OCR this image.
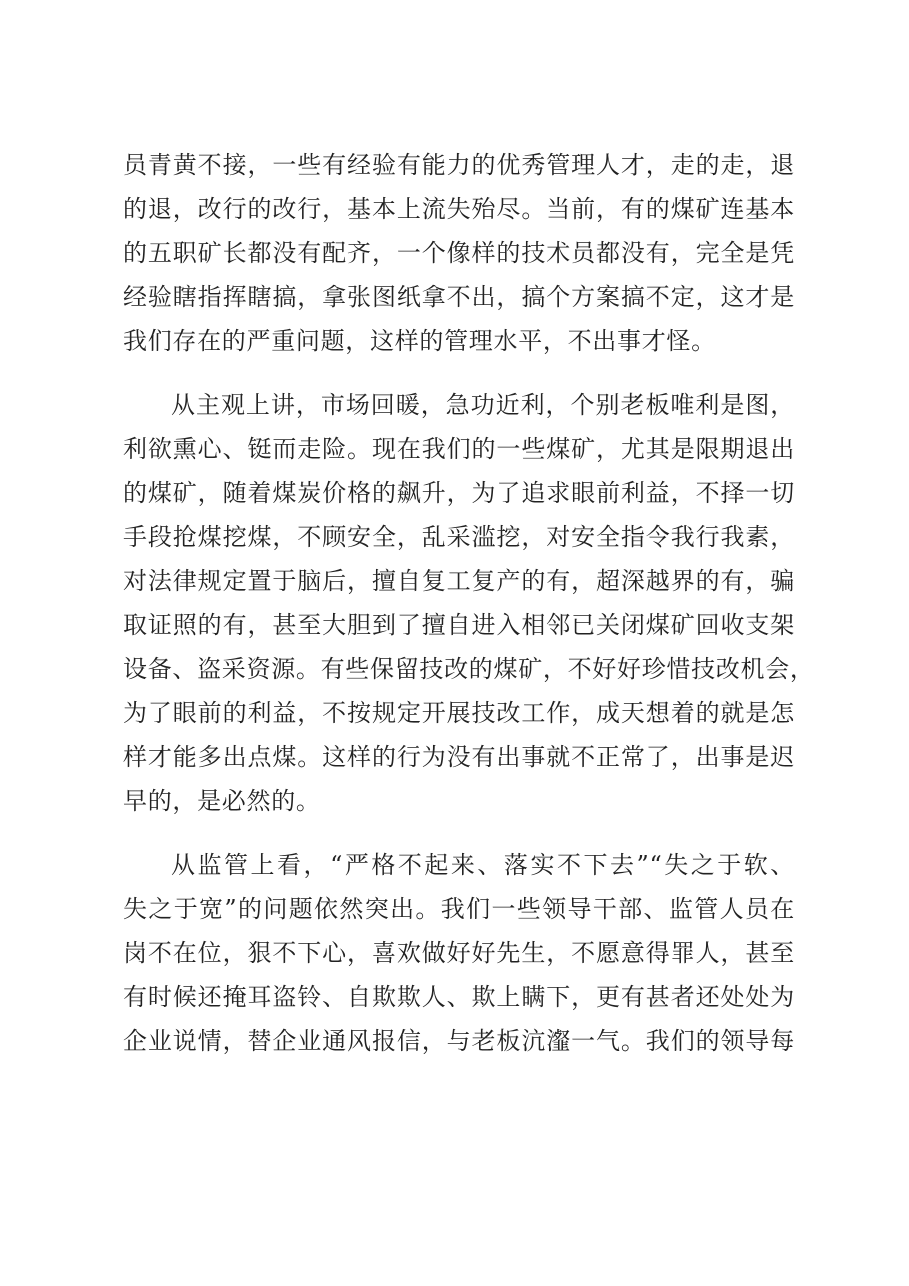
员青黄不接，一些有经验有能力的优秀管理人才，走的走，退
的退，改行的改行，基本上流失殆尽。当前，有的煤矿连基本
的五职矿长都没有配齐，一个像样的技术员都没有，完全是凭
经验瞎指挥瞎搞，拿张图纸拿不出，搞个方案搞不定，这才是
我们存在的严重问题，这样的管理水平，不出事才怪。

从主观上讲，市场回暖，急功近利，个别老板唯利是图，
利欲熏心、铤而走险。现在我们的一些煤矿，尤其是限期退出
的煤矿，随着煤炭价格的飙升，为了追求眼前利益，不择一切
手段抢煤挖煤，不顾安全，乱采滥挖，对安全指令我行我素，
对法律规定置于脑后，擅自复工复产的有，超深越界的有，骗
取证照的有，甚至大胆到了擅自进入相邻已关闭煤矿回收支架
设备、盗采资源。有些保留技改的煤矿，不好好珍惜技改机会，
为了眼前的利益，不按规定开展技改工作，成天想着的就是怎
样才能多出点煤。这样的行为没有出事就不正常了，出事是迟
早的，是必然的。

从监管上看，“严格不起来、落实不下去”“失之于软、
失之于宽”的问题依然突出。我们一些领导干部、监管人员在
岗不在位，狠不下心，喜欢做好好先生，不愿意得罪人，甚至
有时候还掩耳盗铃、自欺欺人、欺上瞒下，更有甚者还处处为
企业说情，替企业通风报信，与老板沆瀣一气。我们的领导每
